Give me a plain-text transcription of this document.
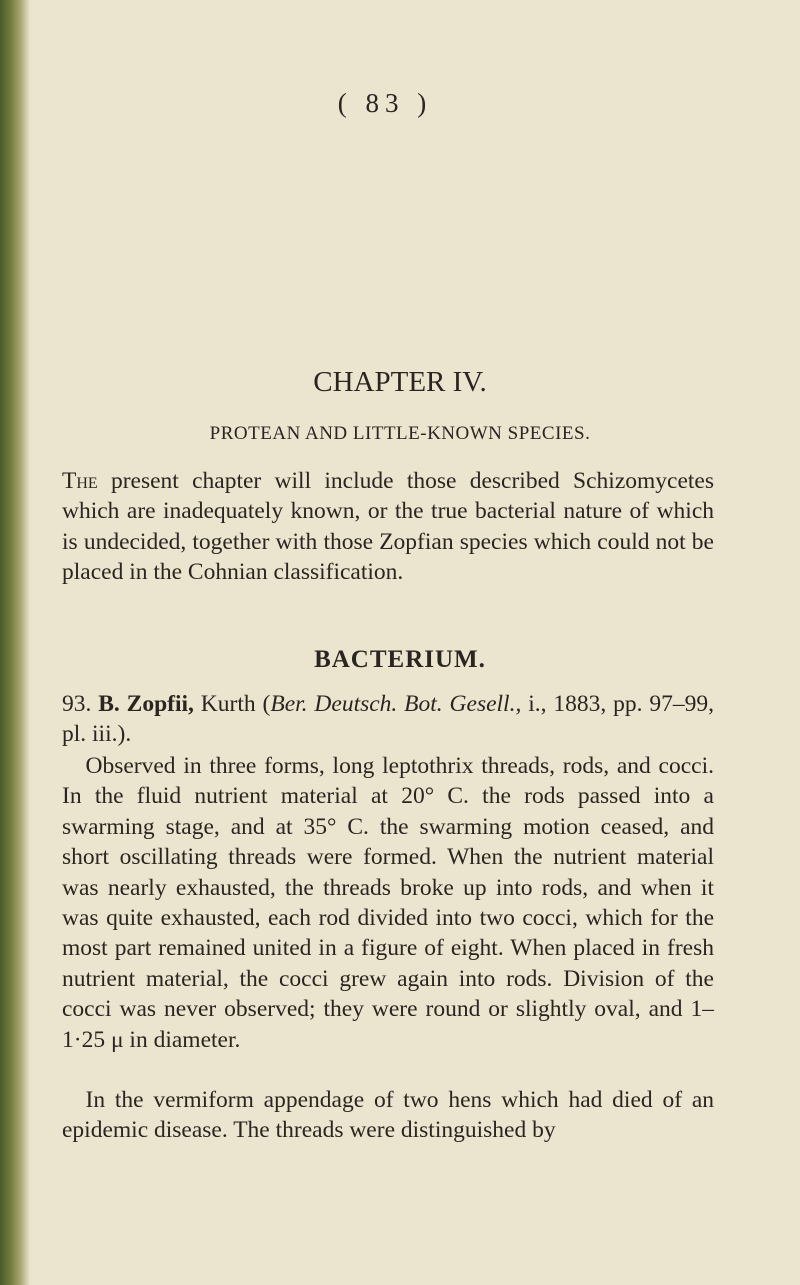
( 83 )
CHAPTER IV.
PROTEAN AND LITTLE-KNOWN SPECIES.

The present chapter will include those described Schizomycetes which are inadequately known, or the true bacterial nature of which is undecided, together with those Zopfian species which could not be placed in the Cohnian classification.

BACTERIUM.

93. B. Zopfii, Kurth (Ber. Deutsch. Bot. Gesell., i., 1883, pp. 97–99, pl. iii.).

 Observed in three forms, long leptothrix threads, rods, and cocci. In the fluid nutrient material at 20° C. the rods passed into a swarming stage, and at 35° C. the swarming motion ceased, and short oscillating threads were formed. When the nutrient material was nearly exhausted, the threads broke up into rods, and when it was quite exhausted, each rod divided into two cocci, which for the most part remained united in a figure of eight. When placed in fresh nutrient material, the cocci grew again into rods. Division of the cocci was never observed; they were round or slightly oval, and 1–1·25 μ in diameter.

 In the vermiform appendage of two hens which had died of an epidemic disease. The threads were distinguished by
